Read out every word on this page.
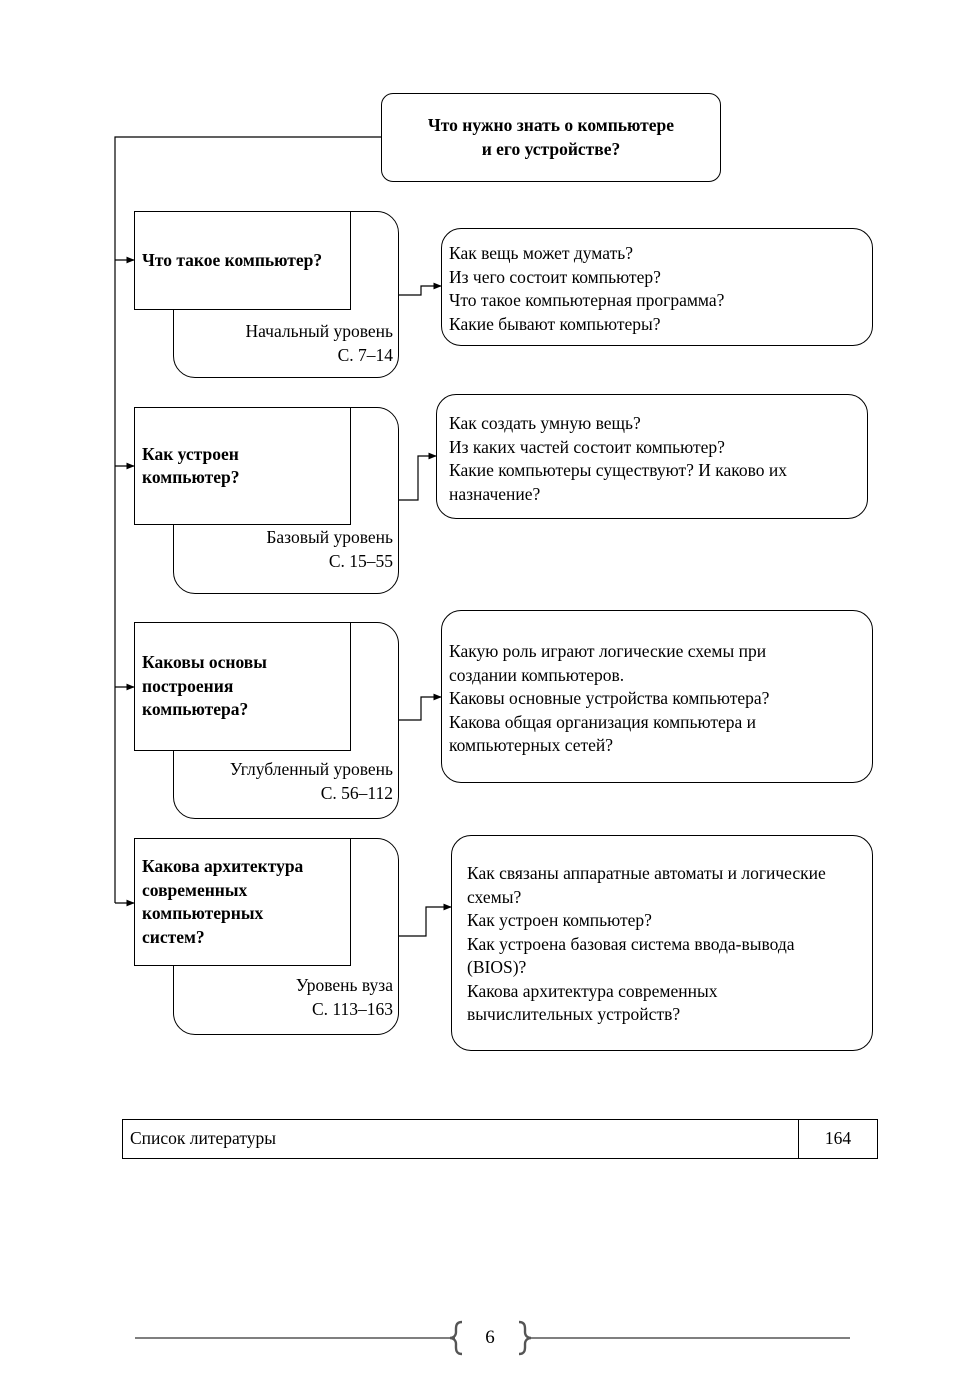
Что нужно знать о компьютере
и его устройстве?
Что такое компьютер?
Начальный уровень
С. 7–14
Как вещь может думать?
Из чего состоит компьютер?
Что такое компьютерная программа?
Какие бывают компьютеры?
Как устроен
компьютер?
Базовый уровень
С. 15–55
Как создать умную вещь?
Из каких частей состоит компьютер?
Какие компьютеры существуют? И каково их
назначение?
Каковы основы
построения
компьютера?
Углубленный уровень
С. 56–112
Какую роль играют логические схемы при
создании компьютеров.
Каковы основные устройства компьютера?
Какова общая организация компьютера и
компьютерных сетей?
Какова архитектура
современных
компьютерных
систем?
Уровень вуза
С. 113–163
Как связаны аппаратные автоматы и логические
схемы?
Как устроен компьютер?
Как устроена базовая система ввода-вывода
(BIOS)?
Какова архитектура современных
вычислительных устройств?
Список литературы	164
6
